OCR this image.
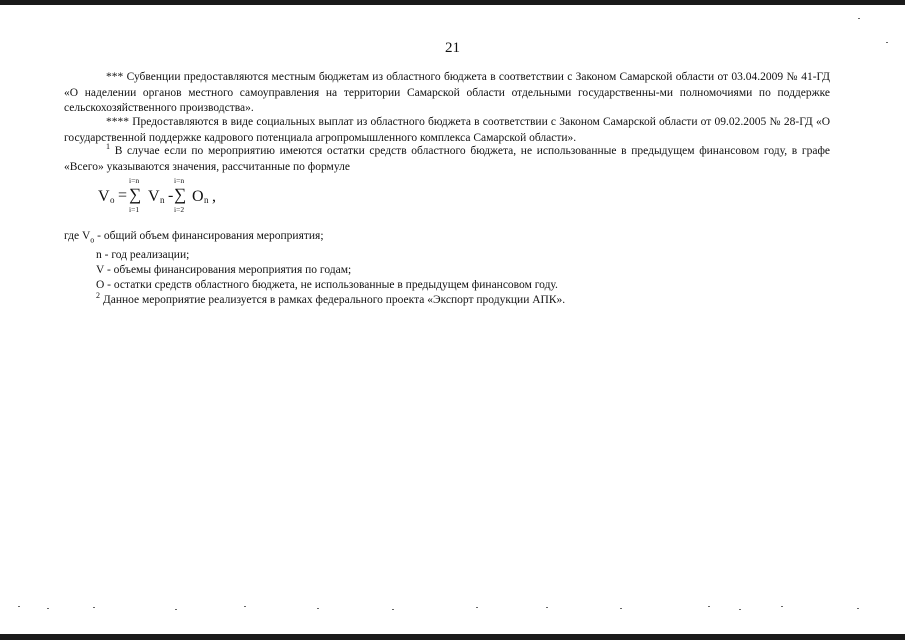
21

*** Субвенции предоставляются местным бюджетам из областного бюджета в соответствии с Законом Самарской области от 03.04.2009 № 41-ГД «О наделении органов местного самоуправления на территории Самарской области отдельными государственны-ми полномочиями по поддержке сельскохозяйственного производства».

**** Предоставляются в виде социальных выплат из областного бюджета в соответствии с Законом Самарской области от 09.02.2005 № 28-ГД «О государственной поддержке кадрового потенциала агропромышленного комплекса Самарской области».

$^1$ В случае если по мероприятию имеются остатки средств областного бюджета, не использованные в предыдущем финансовом году, в графе «Всего» указываются значения, рассчитанные по формуле

V o =
i=n
∑
i=1
V n -
i=n
∑
i=2
O n ,
где $V_o$ - общий объем финансирования мероприятия;
n - год реализации;
V - объемы финансирования мероприятия по годам;
О - остатки средств областного бюджета, не использованные в предыдущем финансовом году.
$^2$ Данное мероприятие реализуется в рамках федерального проекта «Экспорт продукции АПК».
